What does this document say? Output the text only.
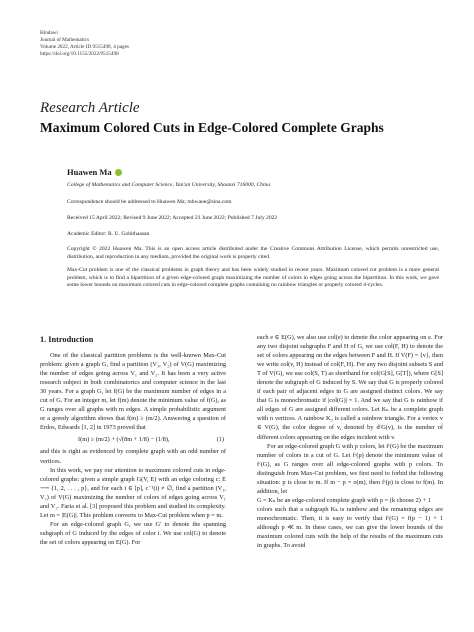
Hindawi
Journal of Mathematics
Volume 2022, Article ID 9515498, 4 pages
https://doi.org/10.1155/2022/9515498
Research Article
Maximum Colored Cuts in Edge-Colored Complete Graphs
Huawen Ma
College of Mathematics and Computer Science, Yan'an University, Shaanxi 716000, China
Correspondence should be addressed to Huawen Ma; mhwaue@sina.com
Received 15 April 2022; Revised 9 June 2022; Accepted 23 June 2022; Published 7 July 2022
Academic Editor: R. U. Gobithaasan
Copyright © 2022 Huawen Ma. This is an open access article distributed under the Creative Commons Attribution License, which permits unrestricted use, distribution, and reproduction in any medium, provided the original work is properly cited.
Max-Cut problem is one of the classical problems in graph theory and has been widely studied in recent years. Maximum colored cut problem is a more general problem, which is to find a bipartition of a given edge-colored graph maximizing the number of colors in edges going across the bipartition. In this work, we gave some lower bounds on maximum colored cuts in edge-colored complete graphs containing no rainbow triangles or properly colored 4-cycles.
1. Introduction

One of the classical partition problems is the well-known Max-Cut problem: given a graph G, find a partition (V₁, V₂) of V(G) maximizing the number of edges going across V₁ and V₂. It has been a very active research subject in both combinatorics and computer science in the last 30 years. For a graph G, let f(G) be the maximum number of edges in a cut of G. For an integer m, let f(m) denote the minimum value of f(G), as G ranges over all graphs with m edges. A simple probabilistic argument or a greedy algorithm shows that f(m) ≥ (m/2). Answering a question of Erdos, Edwards [1, 2] in 1973 proved that

f(m) ≥ (m/2) + (√(8m + 1/8) − (1/8),	(1)

and this is right as evidenced by complete graph with an odd number of vertices.

In this work, we pay our attention to maximum colored cuts in edge-colored graphs: given a simple graph G(V, E) with an edge coloring c: E ⟶ {1, 2, . . . , p}, and for each i ∈ [p], c⁻¹(i) ≠ ∅, find a partition (V₁, V₂) of V(G) maximizing the number of colors of edges going across V₁ and V₂. Faria et al. [3] proposed this problem and studied its complexity. Let m = |E(G)|. This problem converts to Max-Cut problem when p = m.

For an edge-colored graph G, we use G′ to denote the spanning subgraph of G induced by the edges of color i. We use col(G) to denote the set of colors appearing on E(G). For

each e ∈ E(G), we also use col(e) to denote the color appearing on e. For any two disjoint subgraphs F and H of G, we use col(F, H) to denote the set of colors appearing on the edges between F and H. If V(F) = {v}, then we write col(v, H) instead of col(F, H). For any two disjoint subsets S and T of V(G), we use col(S, T) as shorthand for col(G[S], G[T]), where G[S] denote the subgraph of G induced by S. We say that G is properly colored if each pair of adjacent edges in G are assigned distinct colors. We say that G is monochromatic if |col(G)| = 1. And we say that G is rainbow if all edges of G are assigned different colors. Let Kₙ be a complete graph with n vertices. A rainbow K₃ is called a rainbow triangle. For a vertex v ∈ V(G), the color degree of v, denoted by dᶜG(v), is the number of different colors appearing on the edges incident with v.

For an edge-colored graph G with p colors, let fᶜ(G) be the maximum number of colors in a cut of G. Let fᶜ(p) denote the minimum value of fᶜ(G), as G ranges over all edge-colored graphs with p colors. To distinguish from Max-Cut problem, we first need to forbid the following situation: p is close to m. If m − p = o(m), then fᶜ(p) is close to f(m). In addition, let

G = Kₙ be an edge-colored complete graph with p = (k choose 2) + 1

colors such that a subgraph Kₖ is rainbow and the remaining edges are monochromatic. Then, it is easy to verify that fᶜ(G) = f(p − 1) + 1 although p ≪ m. In these cases, we can give the lower bounds of the maximum colored cuts with the help of the results of the maximum cuts in graphs. To avoid
